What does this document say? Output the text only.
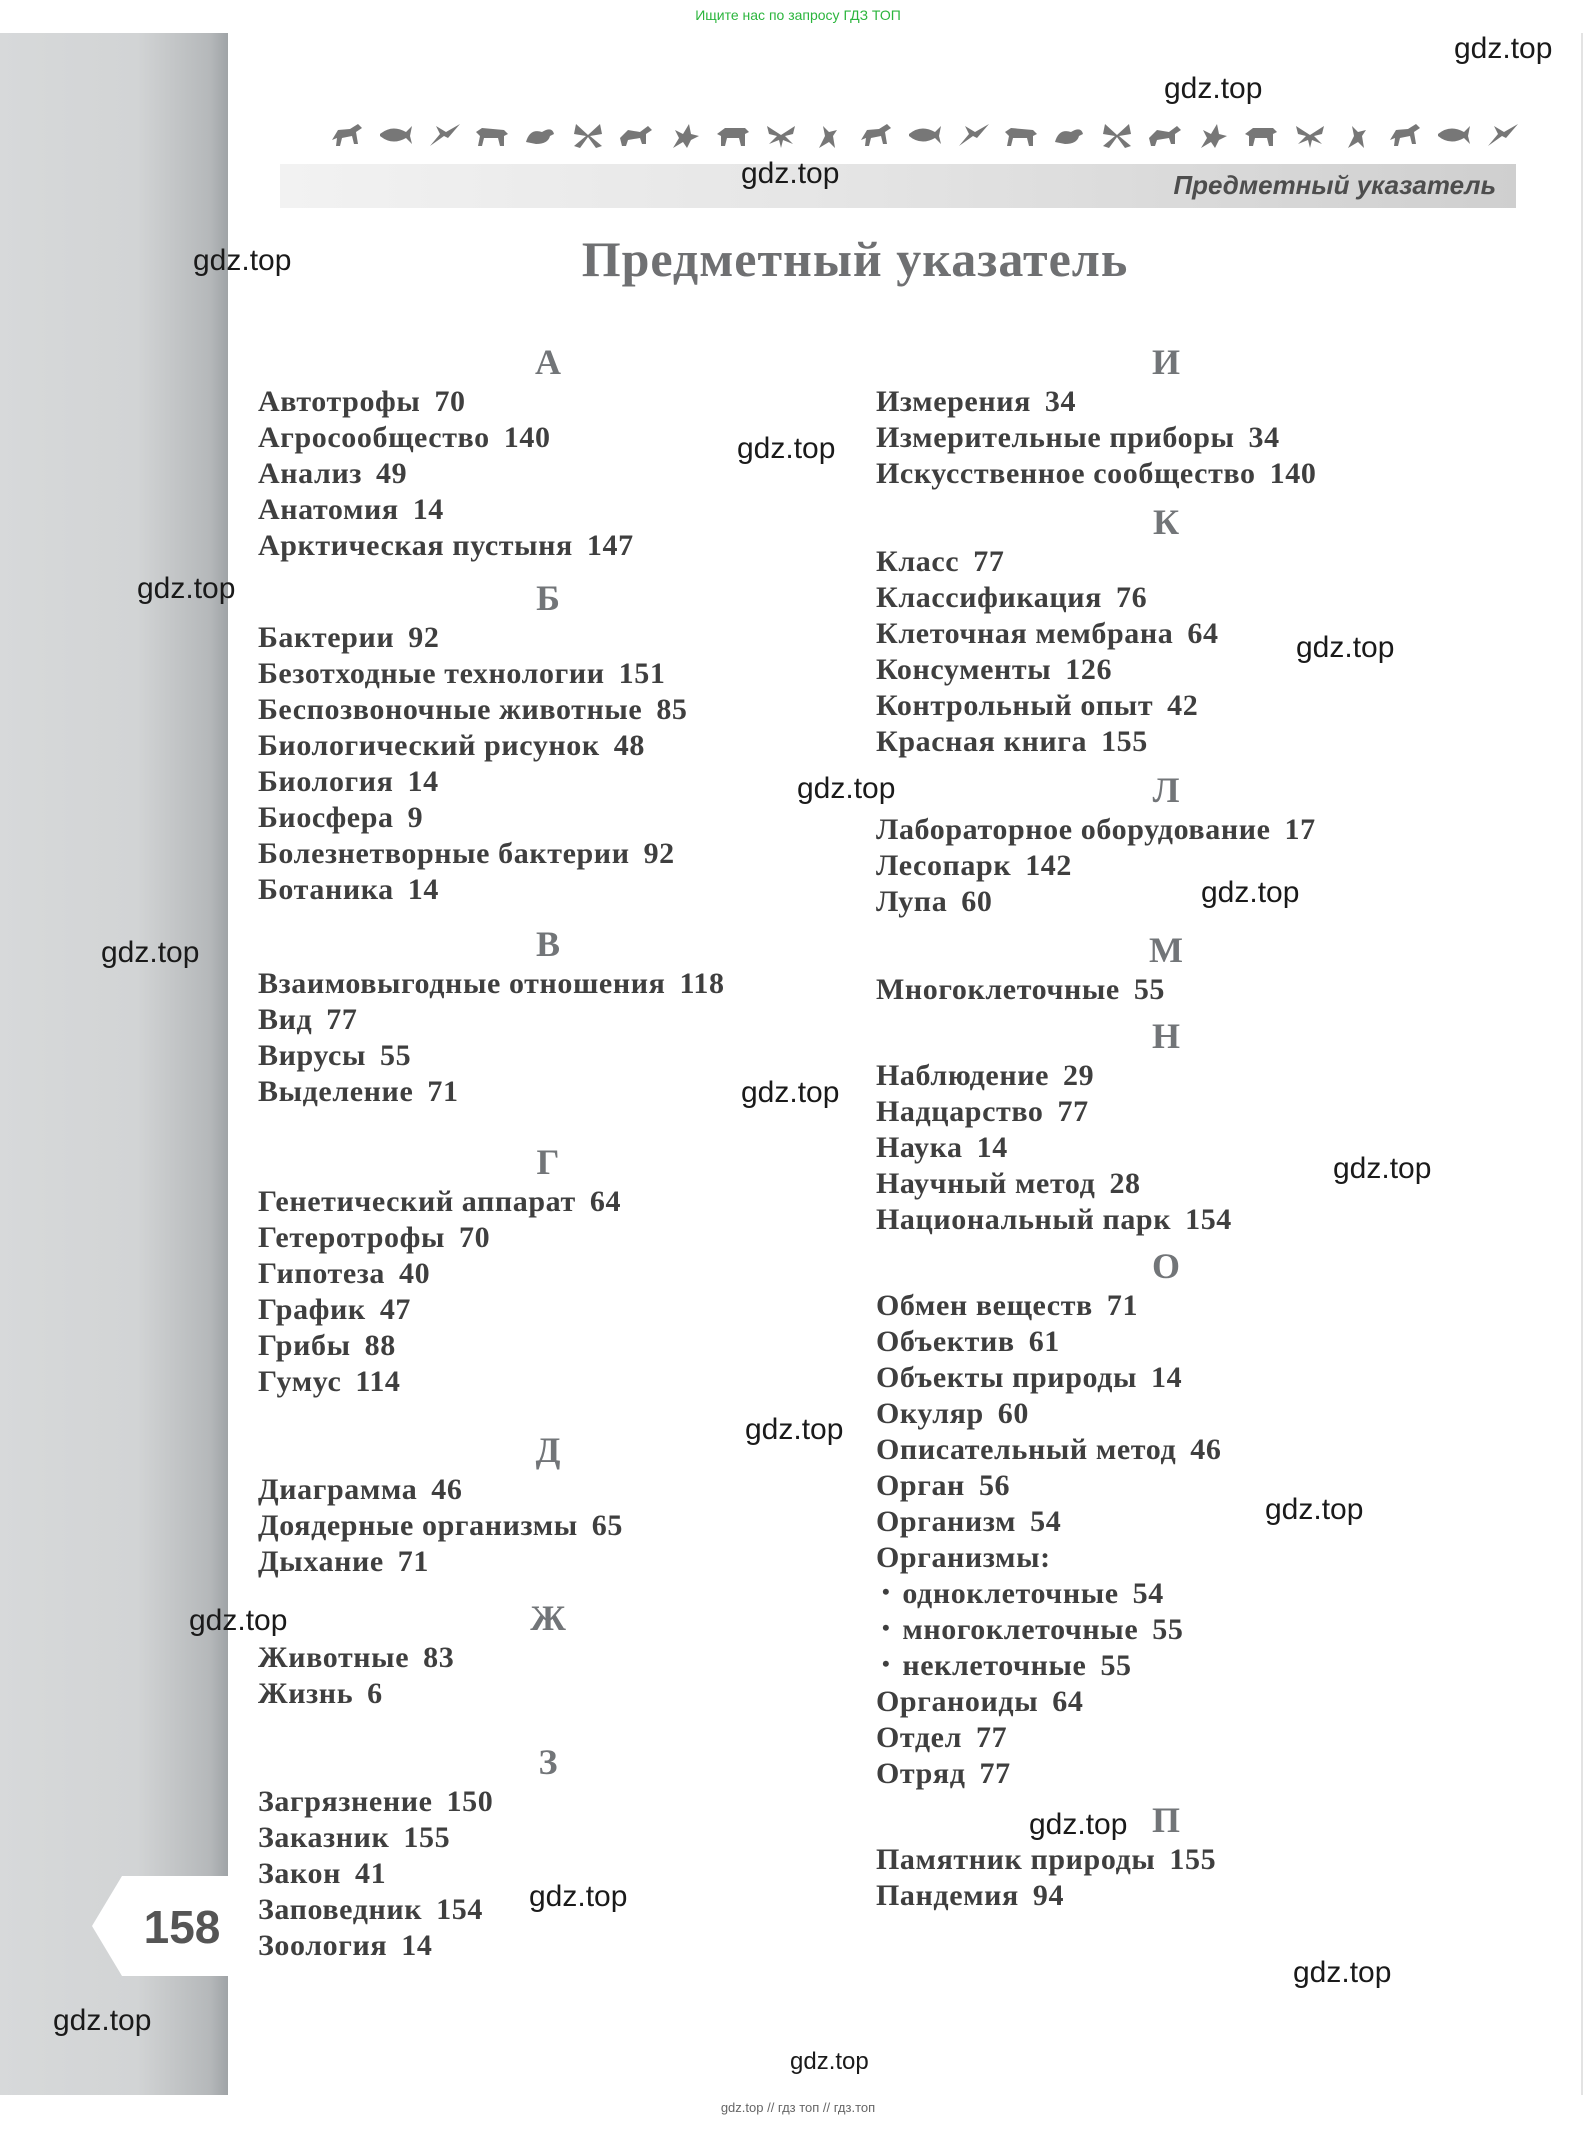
Ищите нас по запросу ГДЗ ТОП
Предметный указатель
Предметный указатель
А
Автотрофы 70
Агросообщество 140
Анализ 49
Анатомия 14
Арктическая пустыня 147
Б
Бактерии 92
Безотходные технологии 151
Беспозвоночные животные 85
Биологический рисунок 48
Биология 14
Биосфера 9
Болезнетворные бактерии 92
Ботаника 14
В
Взаимовыгодные отношения 118
Вид 77
Вирусы 55
Выделение 71
Г
Генетический аппарат 64
Гетеротрофы 70
Гипотеза 40
График 47
Грибы 88
Гумус 114
Д
Диаграмма 46
Доядерные организмы 65
Дыхание 71
Ж
Животные 83
Жизнь 6
З
Загрязнение 150
Заказник 155
Закон 41
Заповедник 154
Зоология 14
И
Измерения 34
Измерительные приборы 34
Искусственное сообщество 140
К
Класс 77
Классификация 76
Клеточная мембрана 64
Консументы 126
Контрольный опыт 42
Красная книга 155
Л
Лабораторное оборудование 17
Лесопарк 142
Лупа 60
М
Многоклеточные 55
Н
Наблюдение 29
Надцарство 77
Наука 14
Научный метод 28
Национальный парк 154
О
Обмен веществ 71
Объектив 61
Объекты природы 14
Окуляр 60
Описательный метод 46
Орган 56
Организм 54
Организмы:
• одноклеточные 54
• многоклеточные 55
• неклеточные 55
Органоиды 64
Отдел 77
Отряд 77
П
Памятник природы 155
Пандемия 94
158
gdz.top
gdz.top
gdz.top
gdz.top
gdz.top
gdz.top
gdz.top
gdz.top
gdz.top
gdz.top
gdz.top
gdz.top
gdz.top
gdz.top
gdz.top
gdz.top
gdz.top
gdz.top
gdz.top
gdz.top
gdz.top // гдз топ // гдз.топ
